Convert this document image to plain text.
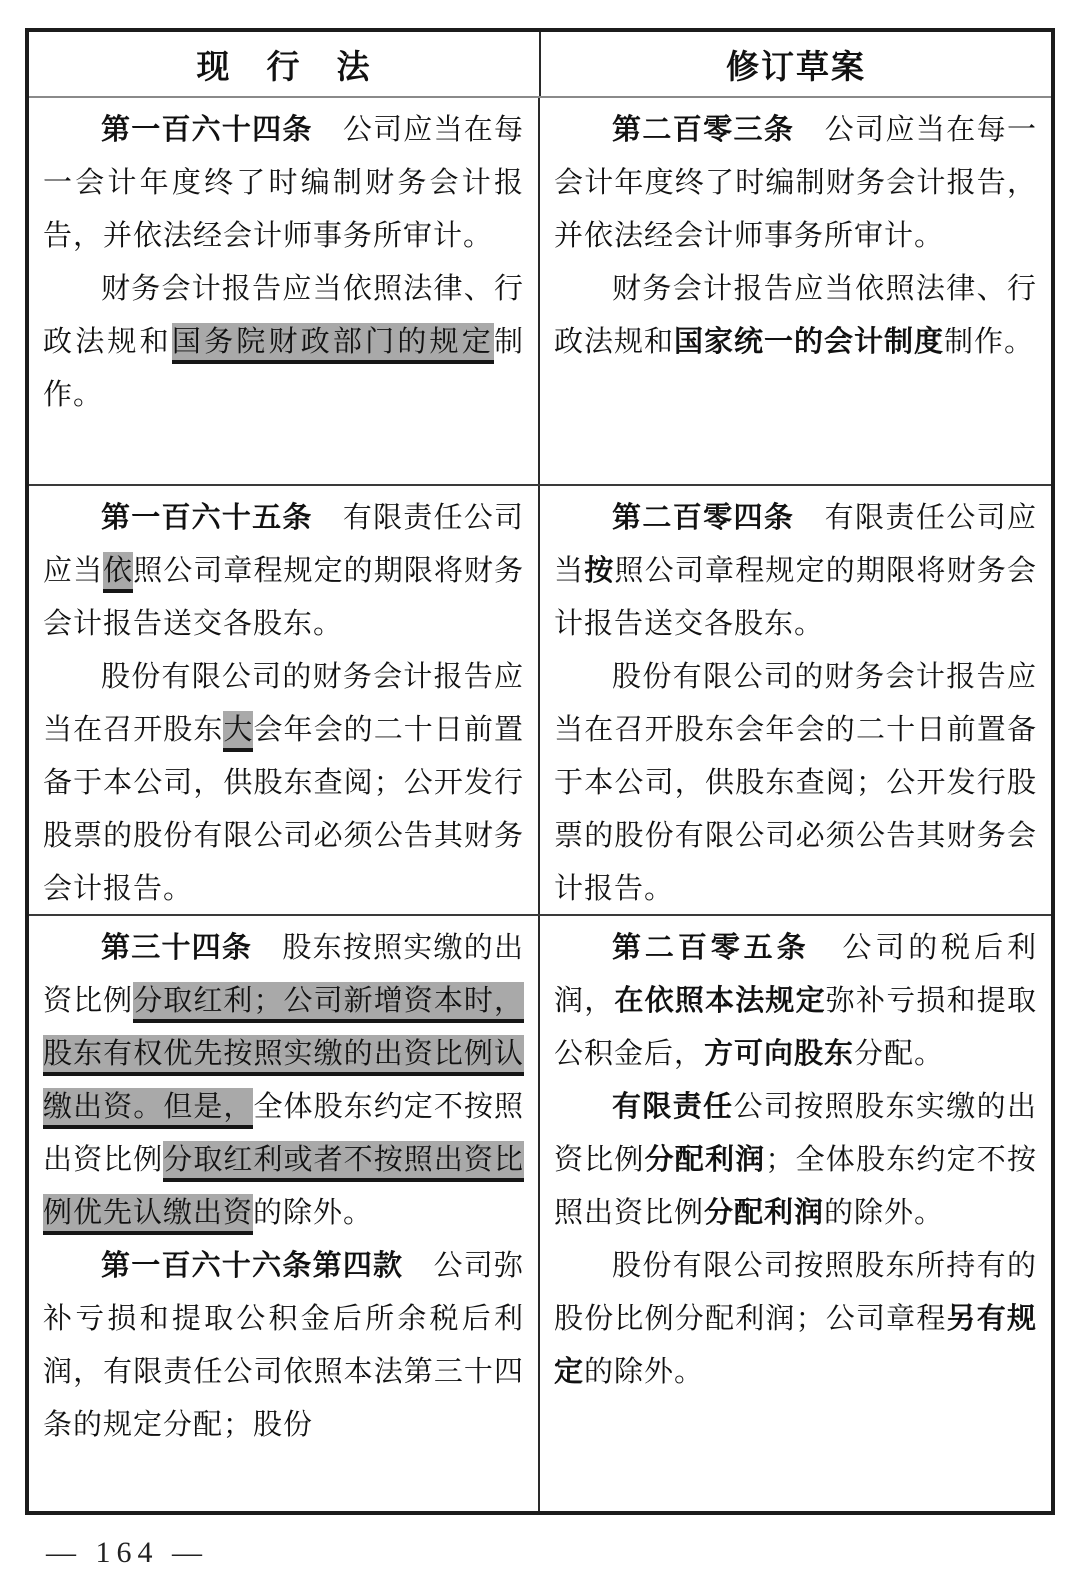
现　行　法	修订草案

第一百六十四条　公司应当在每一会计年度终了时编制财务会计报告，并依法经会计师事务所审计。

财务会计报告应当依照法律、行政法规和国务院财政部门的规定制作。

第二百零三条　公司应当在每一会计年度终了时编制财务会计报告，并依法经会计师事务所审计。

财务会计报告应当依照法律、行政法规和国家统一的会计制度制作。

第一百六十五条　有限责任公司应当依照公司章程规定的期限将财务会计报告送交各股东。

股份有限公司的财务会计报告应当在召开股东大会年会的二十日前置备于本公司，供股东查阅；公开发行股票的股份有限公司必须公告其财务会计报告。

第二百零四条　有限责任公司应当按照公司章程规定的期限将财务会计报告送交各股东。

股份有限公司的财务会计报告应当在召开股东会年会的二十日前置备于本公司，供股东查阅；公开发行股票的股份有限公司必须公告其财务会计报告。

第三十四条　股东按照实缴的出资比例分取红利；公司新增资本时，股东有权优先按照实缴的出资比例认缴出资。但是，全体股东约定不按照出资比例分取红利或者不按照出资比例优先认缴出资的除外。

第一百六十六条第四款　公司弥补亏损和提取公积金后所余税后利润，有限责任公司依照本法第三十四条的规定分配；股份

第二百零五条　公司的税后利润，在依照本法规定弥补亏损和提取公积金后，方可向股东分配。

有限责任公司按照股东实缴的出资比例分配利润；全体股东约定不按照出资比例分配利润的除外。

股份有限公司按照股东所持有的股份比例分配利润；公司章程另有规定的除外。

— 164 —
